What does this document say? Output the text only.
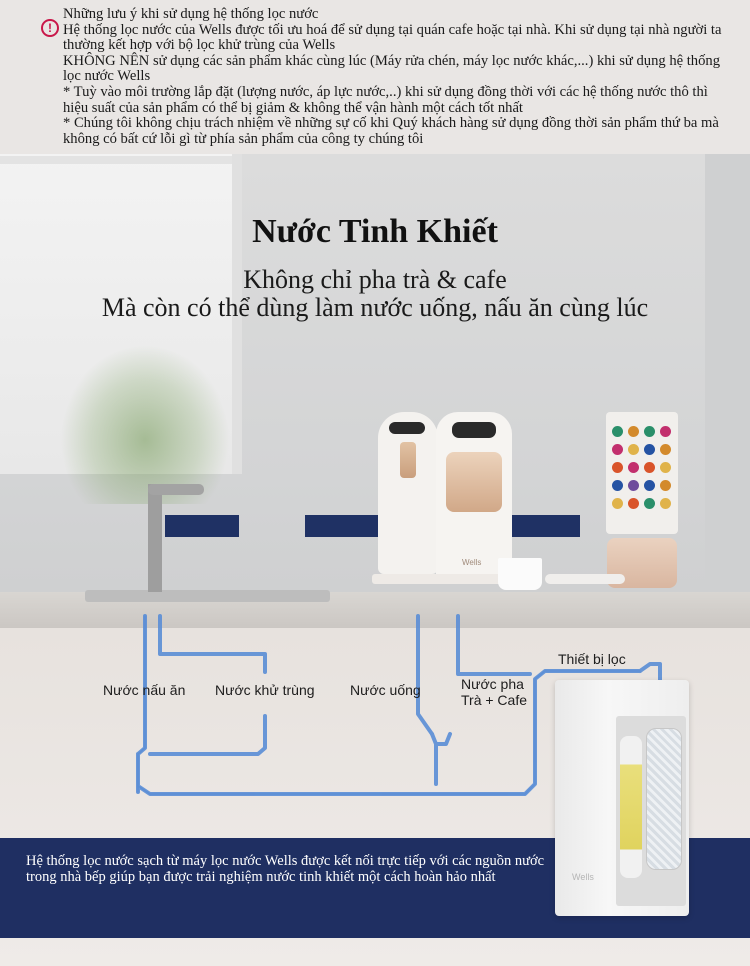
!

Những lưu ý khi sử dụng hệ thống lọc nước

Hệ thống lọc nước của Wells được tối ưu hoá để sử dụng tại quán cafe hoặc tại nhà. Khi sử dụng tại nhà người ta thường kết hợp với bộ lọc khử trùng của Wells

KHÔNG NÊN sử dụng các sản phẩm khác cùng lúc (Máy rửa chén, máy lọc nước khác,...) khi sử dụng hệ thống lọc nước Wells

* Tuỳ vào môi trường lắp đặt (lượng nước, áp lực nước,..) khi sử dụng đồng thời với các hệ thống nước thô thì hiệu suất của sản phẩm có thể bị giảm & không thể vận hành một cách tốt nhất

* Chúng tôi không chịu trách nhiệm về những sự cố khi Quý khách hàng sử dụng đồng thời sản phẩm thứ ba mà không có bất cứ lỗi gì từ phía sản phẩm của công ty chúng tôi

Wells
Nước Tinh Khiết
Không chỉ pha trà & cafe
Mà còn có thể dùng làm nước uống, nấu ăn cùng lúc
Nước nấu ăn Nước khử trùng	Nước uống	Nước pha
Trà + Cafe
Thiết bị lọc
Hệ thống lọc nước sạch từ máy lọc nước Wells được kết nối trực tiếp với các nguồn nước trong nhà bếp giúp bạn được trải nghiệm nước tinh khiết một cách hoàn hảo nhất	Wells
